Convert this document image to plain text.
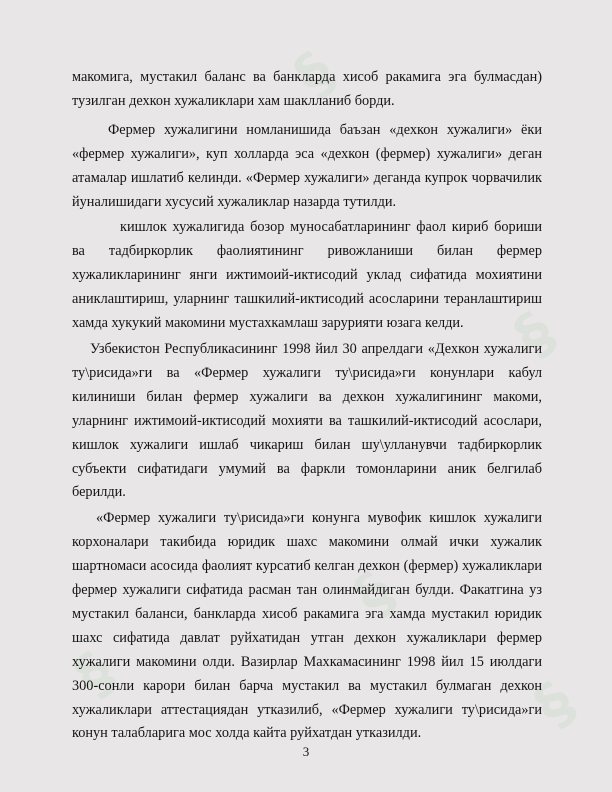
§
§
§
§	§

макомига, мустакил баланс ва банкларда хисоб ракамига эга булмасдан) тузилган дехкон хужаликлари хам шаклланиб борди.

Фермер хужалигини номланишида баъзан «дехкон хужалиги» ёки «фермер хужалиги», куп холларда эса «дехкон (фермер) хужалиги» деган атамалар ишлатиб келинди. «Фермер хужалиги» деганда купрок чорвачилик йуналишидаги хусусий хужаликлар назарда тутилди.

кишлок хужалигида бозор муносабатларининг фаол кириб бориши ва тадбиркорлик фаолиятининг ривожланиши билан фермер хужаликларининг янги ижтимоий-иктисодий уклад сифатида мохиятини аниклаштириш, уларнинг ташкилий-иктисодий асосларини теранлаштириш хамда хукукий макомини мустахкамлаш зарурияти юзага келди.

Узбекистон Республикасининг 1998 йил 30 апрелдаги «Дехкон хужалиги ту\рисида»ги ва «Фермер хужалиги ту\рисида»ги конунлари кабул килиниши билан фермер хужалиги ва дехкон хужалигининг макоми, уларнинг ижтимоий-иктисодий мохияти ва ташкилий-иктисодий асослари, кишлок хужалиги ишлаб чикариш билан шу\улланувчи тадбиркорлик субъекти сифатидаги умумий ва фаркли томонларини аник белгилаб берилди.

«Фермер хужалиги ту\рисида»ги конунга мувофик кишлок хужалиги корхоналари такибида юридик шахс макомини олмай ички хужалик шартномаси асосида фаолият курсатиб келган дехкон (фермер) хужаликлари фермер хужалиги сифатида расман тан олинмайдиган булди. Факатгина уз мустакил баланси, банкларда хисоб ракамига эга хамда мустакил юридик шахс сифатида давлат руйхатидан утган дехкон хужаликлари фермер хужалиги макомини олди. Вазирлар Махкамасининг 1998 йил 15 июлдаги 300-сонли карори билан барча мустакил ва мустакил булмаган дехкон хужаликлари аттестациядан утказилиб, «Фермер хужалиги ту\рисида»ги конун талабларига мос холда кайта руйхатдан утказилди.

3
